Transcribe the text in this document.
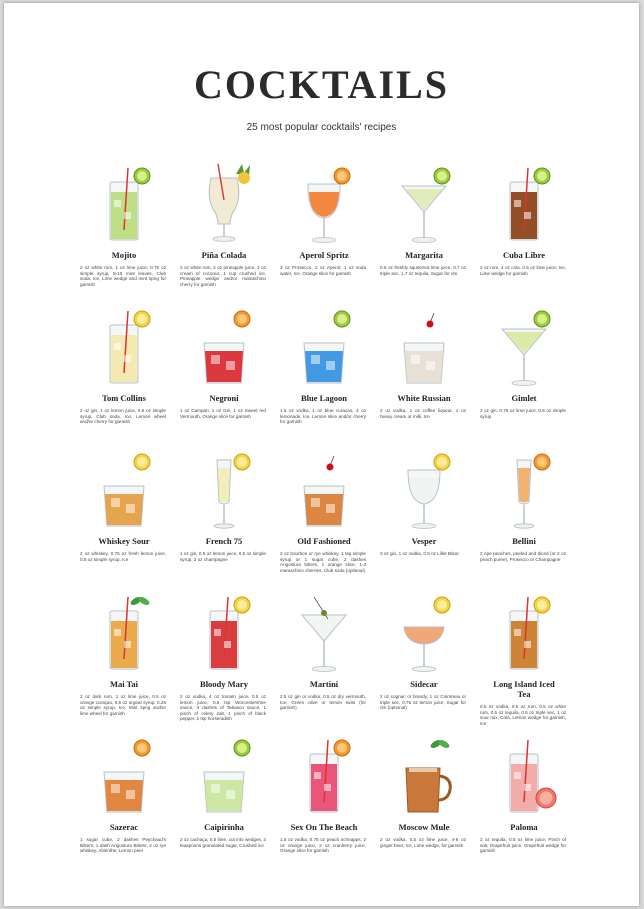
COCKTAILS
25 most popular cocktails' recipes
Mojito
2 oz white rum, 1 oz lime juice, 0.75 oz simple syrup, 8-10 mint leaves, Club soda, Ice, Lime wedge and mint sprig for garnish
Piña Colada
2 oz white rum, 2 oz pineapple juice, 2 oz cream of coconut, 1 cup crushed ice, Pineapple wedge and/or maraschino cherry for garnish
Aperol Spritz
3 oz Prosecco, 2 oz Aperol, 1 oz soda water, Ice, Orange slice for garnish
Margarita
0.5 oz freshly squeezed lime juice, 0.7 oz triple sec, 1.7 oz tequila, Sugar for rim
Cuba Libre
2 oz rum, 4 oz cola, 0.5 oz lime juice, Ice, Lime wedge for garnish
Tom Collins
2 oz gin, 1 oz lemon juice, 0.5 oz simple syrup, Club soda, Ice, Lemon wheel and/or cherry for garnish
Negroni
1 oz Campari, 1 oz Gin, 1 oz Sweet red Vermouth, Orange slice for garnish
Blue Lagoon
1.5 oz vodka, 1 oz blue curaçao, 4 oz lemonade, Ice, Lemon slice and/or cherry for garnish
White Russian
2 oz vodka, 1 oz coffee liqueur, 1 oz heavy cream or milk, Ice
Gimlet
2 oz gin, 0.75 oz lime juice, 0.5 oz simple syrup
Whiskey Sour
2 oz whiskey, 0.75 oz fresh lemon juice, 0.5 oz simple syrup, Ice
French 75
1 oz gin, 0.5 oz lemon juice, 0.5 oz simple syrup, 2 oz champagne
Old Fashioned
2 oz bourbon or rye whiskey, 1 tsp simple syrup or 1 sugar cube, 2 dashes Angostura bitters, 1 orange slice, 1-2 maraschino cherries, Club soda (optional)
Vesper
3 oz gin, 1 oz vodka, 0.5 oz Lillet Blanc
Bellini
2 ripe peaches, peeled and diced (or 2 oz peach puree), Prosecco or Champagne
Mai Tai
2 oz dark rum, 1 oz lime juice, 0.5 oz orange curaçao, 0.5 oz orgeat syrup, 0.25 oz simple syrup, Ice, Mint sprig and/or lime wheel for garnish
Bloody Mary
2 oz vodka, 4 oz tomato juice, 0.5 oz lemon juice, 0.5 tsp Worcestershire sauce, 3 dashes of Tabasco sauce, 1 pinch of celery salt, 1 pinch of black pepper, 1 tsp horseradish
Martini
2.5 oz gin or vodka, 0.5 oz dry vermouth, Ice, Green olive or lemon twist (for garnish)
Sidecar
2 oz cognac or brandy, 1 oz Cointreau or triple sec, 0.75 oz lemon juice, Sugar for rim (optional)
Long Island Iced Tea
0.5 oz vodka, 0.5 oz rum, 0.5 oz white rum, 0.5 oz tequila, 0.5 oz triple sec, 1 oz sour mix, Cola, Lemon wedge for garnish, Ice
Sazerac
1 sugar cube, 2 dashes Peychaud's Bitters, 1 dash Angostura Bitters, 2 oz rye whiskey, Absinthe, Lemon peel
Caipirinha
2 oz cachaça, 0.5 lime, cut into wedges, 2 teaspoons granulated sugar, Crushed ice
Sex On The Beach
1.5 oz vodka, 0.75 oz peach schnapps, 2 oz orange juice, 2 oz cranberry juice, Orange slice for garnish
Moscow Mule
2 oz vodka, 0.5 oz lime juice, 4-6 oz ginger beer, Ice, Lime wedge, for garnish
Paloma
2 oz tequila, 0.5 oz lime juice, Pinch of salt, Grapefruit juice, Grapefruit wedge for garnish
